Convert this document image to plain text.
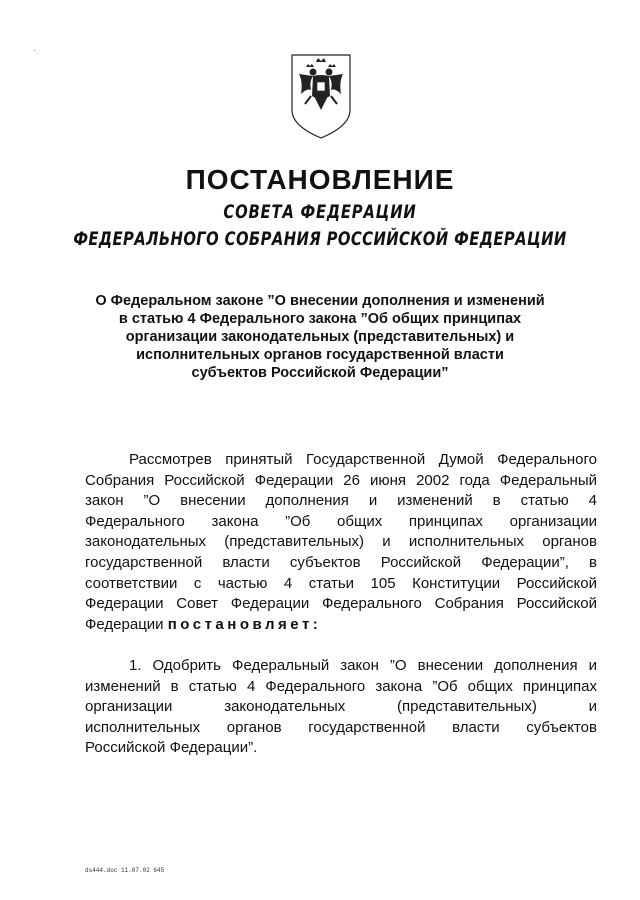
ПОСТАНОВЛЕНИЕ
СОВЕТА ФЕДЕРАЦИИ
ФЕДЕРАЛЬНОГО СОБРАНИЯ РОССИЙСКОЙ ФЕДЕРАЦИИ
О Федеральном законе ”О внесении дополнения и изменений
в статью 4 Федерального закона ”Об общих принципах
организации законодательных (представительных) и
исполнительных органов государственной власти
субъектов Российской Федерации”
Рассмотрев принятый Государственной Думой Федерального
Собрания Российской Федерации 26 июня 2002 года Федеральный
закон ”О внесении дополнения и изменений в статью 4
Федерального закона ”Об общих принципах организации
законодательных (представительных) и исполнительных органов
государственной власти субъектов Российской Федерации”, в
соответствии с частью 4 статьи 105 Конституции Российской
Федерации Совет Федерации Федерального Собрания Российской
Федерации постановляет:
1. Одобрить Федеральный закон ”О внесении дополнения и
изменений в статью 4 Федерального закона ”Об общих принципах
организации законодательных (представительных) и
исполнительных органов государственной власти субъектов
Российской Федерации”.
ds444.doc 11.07.02 645
